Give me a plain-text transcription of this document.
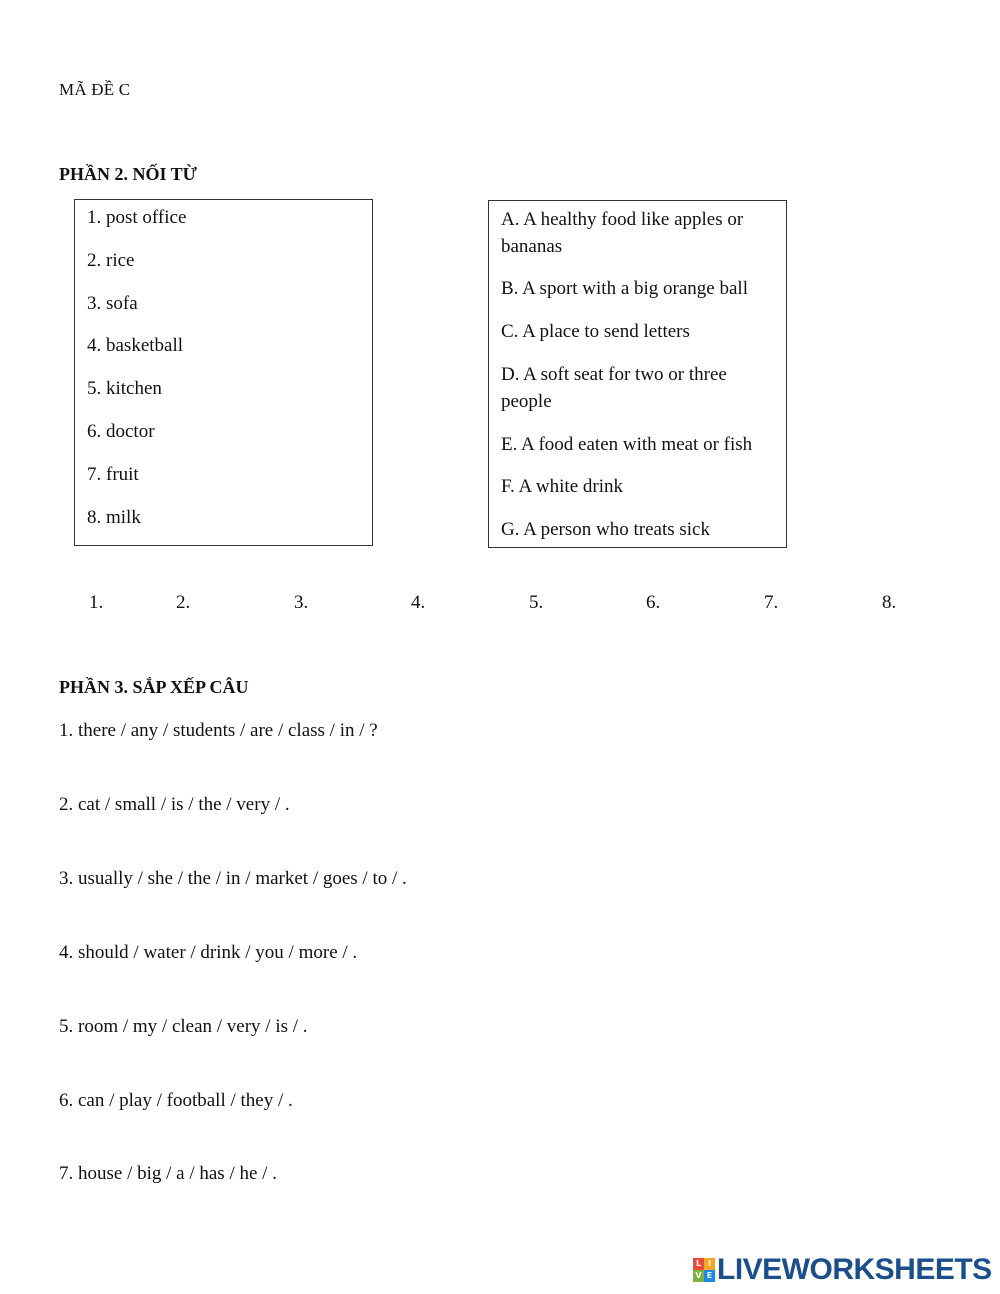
MÃ ĐỀ C
PHẦN 2. NỐI TỪ
1. post office
2. rice
3. sofa
4. basketball
5. kitchen
6. doctor
7. fruit
8. milk
A. A healthy food like apples or bananas
B. A sport with a big orange ball
C. A place to send letters
D. A soft seat for two or three people
E. A food eaten with meat or fish
F. A white drink
G. A person who treats sick
1.	2.	3.	4.	5.	6.	7.	8.
PHẦN 3. SẮP XẾP CÂU
1. there / any / students / are / class / in / ?
2. cat / small / is / the / very / .
3. usually / she / the / in / market / goes / to / .
4. should / water / drink / you / more / .
5. room / my / clean / very / is / .
6. can / play / football / they / .
7. house / big / a / has / he / .
L I
V E LIVEWORKSHEETS
